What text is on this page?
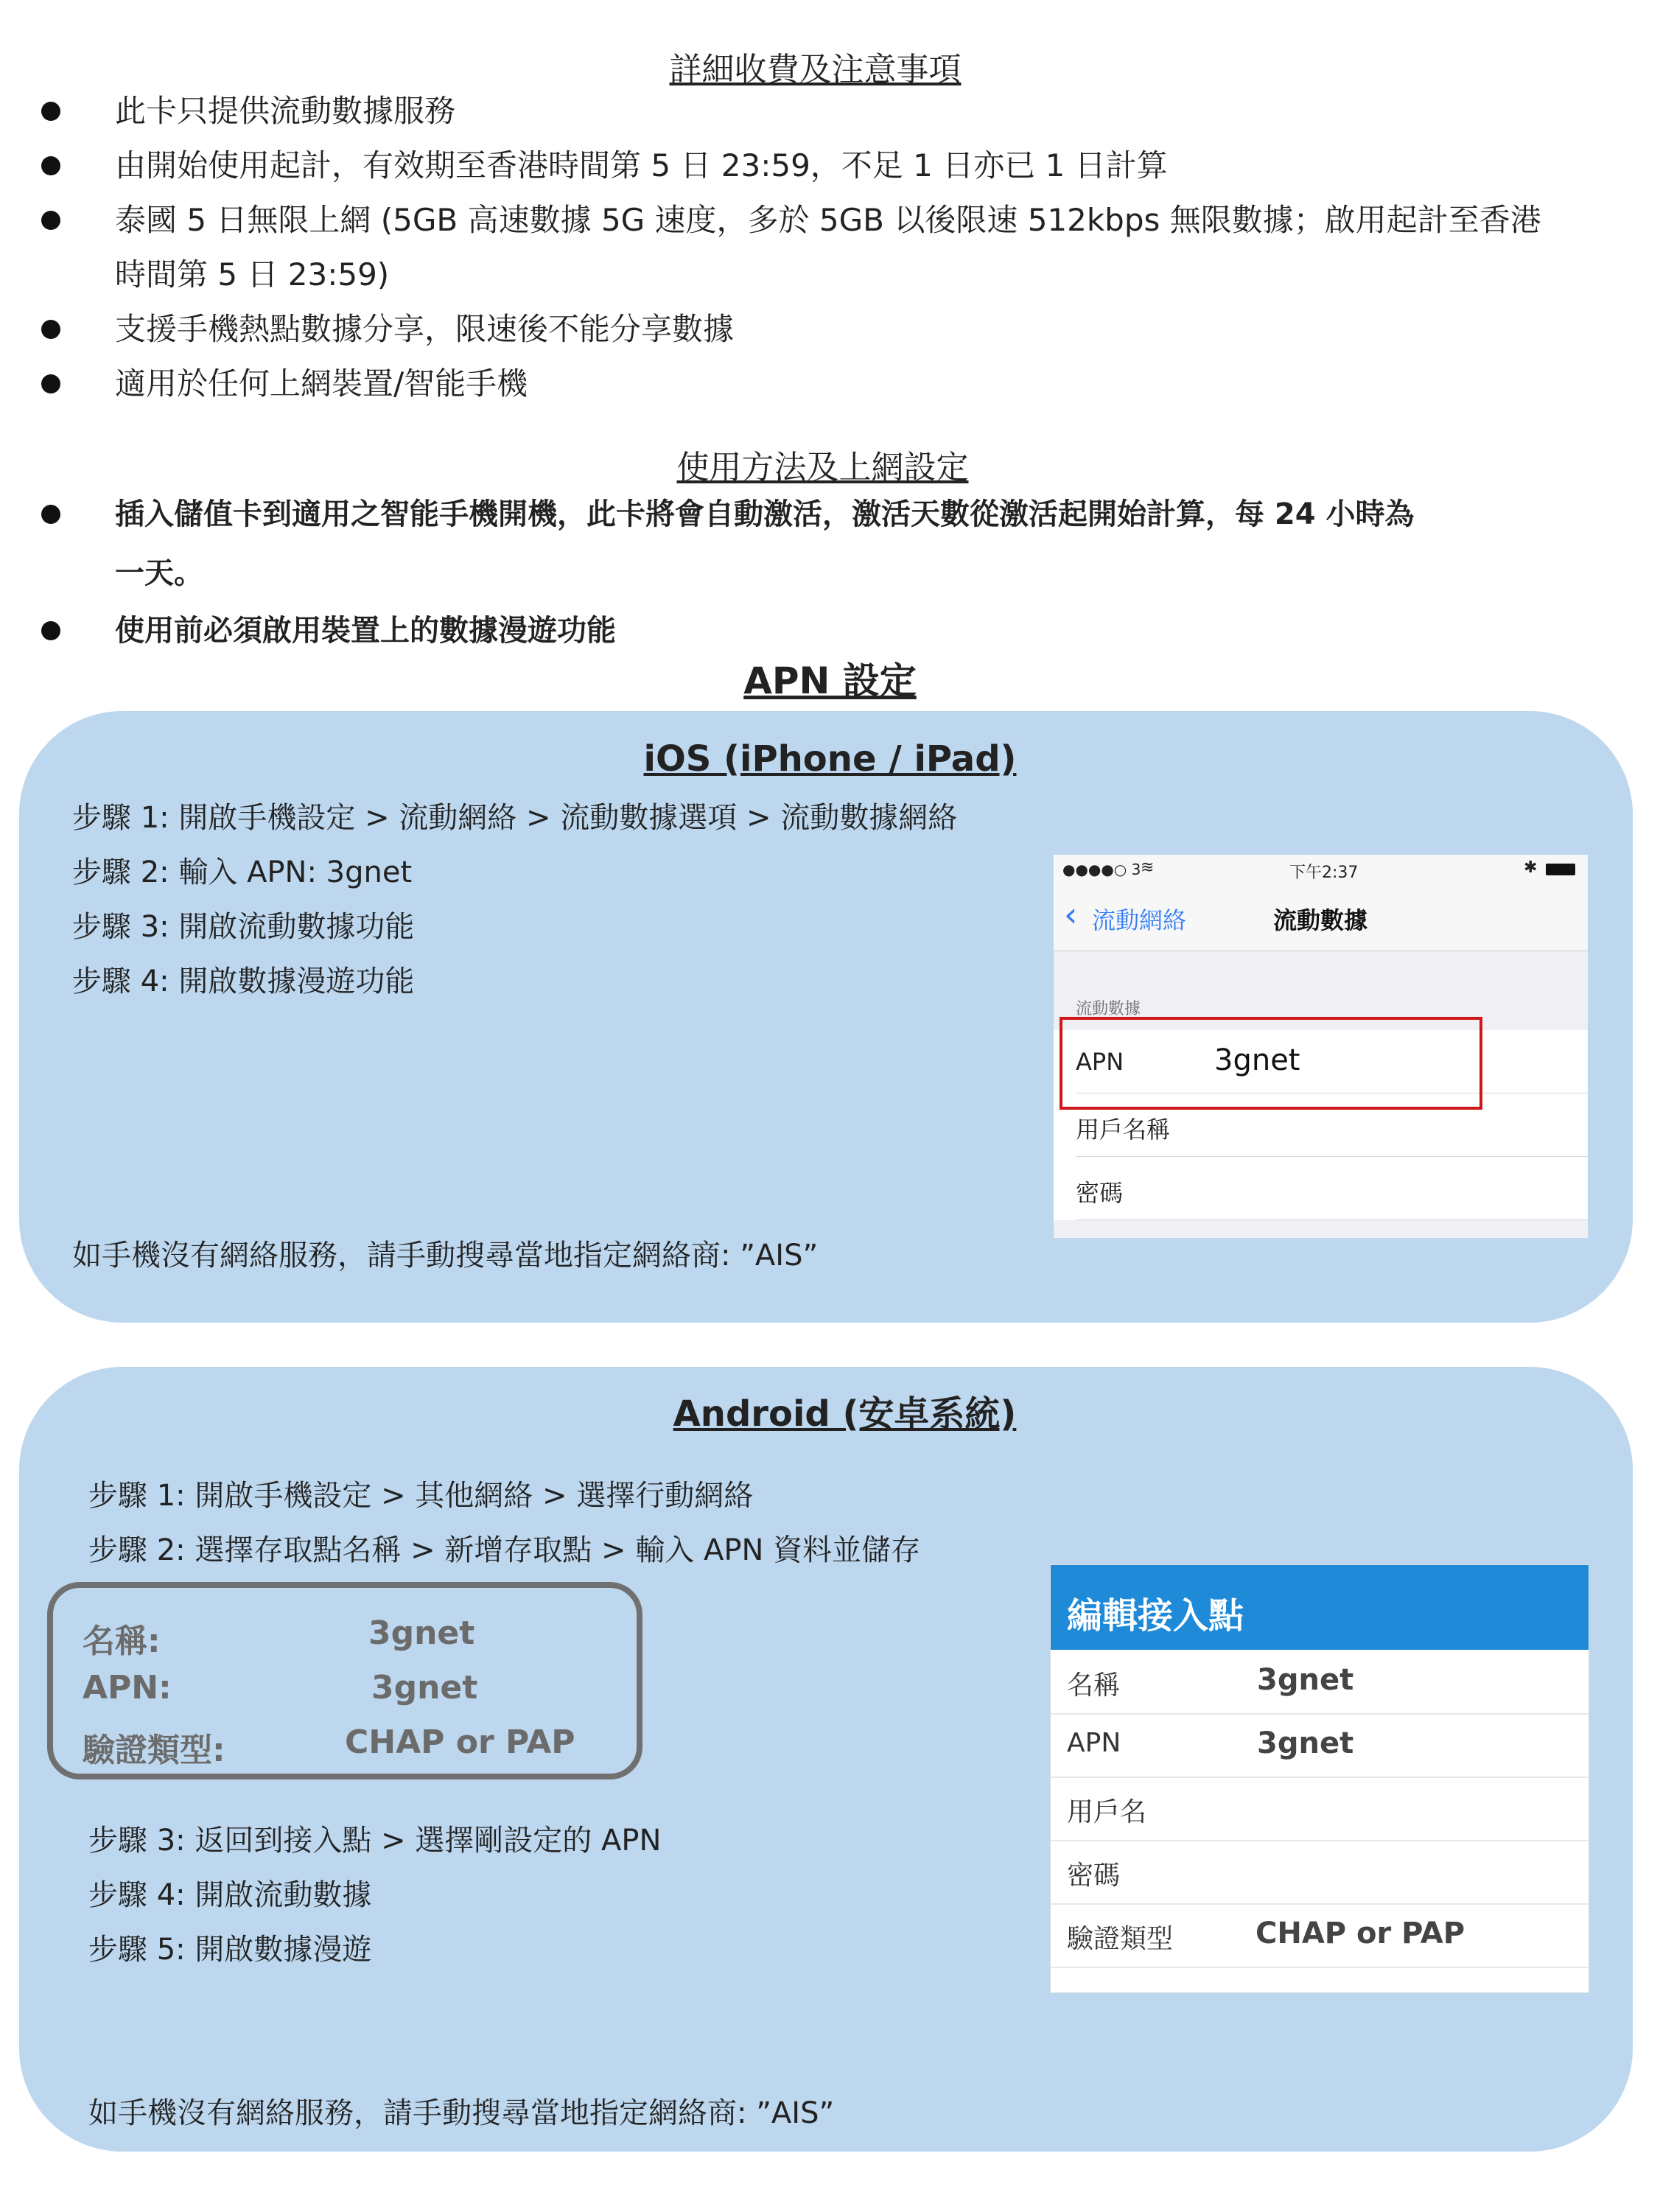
詳細收費及注意事項
此卡只提供流動數據服務
由開始使用起計，有效期至香港時間第 5 日 23:59，不足 1 日亦已 1 日計算
泰國 5 日無限上網 (5GB 高速數據 5G 速度，多於 5GB 以後限速 512kbps 無限數據；啟用起計至香港
時間第 5 日 23:59)
支援手機熱點數據分享，限速後不能分享數據
適用於任何上網裝置/智能手機
使用方法及上網設定
插入儲值卡到適用之智能手機開機，此卡將會自動激活，激活天數從激活起開始計算，每 24 小時為
一天。
使用前必須啟用裝置上的數據漫遊功能
APN 設定
iOS (iPhone / iPad)
步驟 1: 開啟手機設定 > 流動網絡 > 流動數據選項 > 流動數據網絡
步驟 2: 輸入 APN: 3gnet
步驟 3: 開啟流動數據功能
步驟 4: 開啟數據漫遊功能
如手機沒有網絡服務，請手動搜尋當地指定網絡商: ”AIS”
●●●●○ 3 ≋	下午2:37	✱
‹ 流動網絡	流動數據
流動數據
APN	3gnet
用戶名稱
密碼
Android (安卓系統)
步驟 1: 開啟手機設定 > 其他網絡 > 選擇行動網絡
步驟 2: 選擇存取點名稱 > 新增存取點 > 輸入 APN 資料並儲存
名稱:	3gnet
APN:	3gnet
驗證類型:	CHAP or PAP
步驟 3: 返回到接入點 > 選擇剛設定的 APN
步驟 4: 開啟流動數據
步驟 5: 開啟數據漫遊
如手機沒有網絡服務，請手動搜尋當地指定網絡商: ”AIS”
編輯接入點
名稱	3gnet
APN	3gnet
用戶名
密碼
驗證類型	CHAP or PAP
